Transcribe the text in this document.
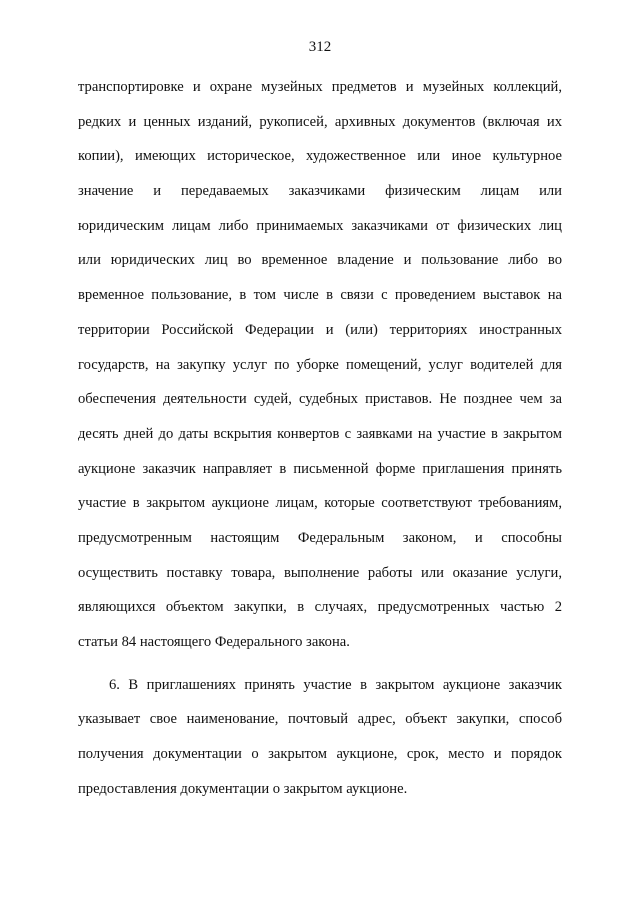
312
транспортировке и охране музейных предметов и музейных коллекций,
редких и ценных изданий, рукописей, архивных документов (включая их
копии), имеющих историческое, художественное или иное культурное
значение и передаваемых заказчиками физическим лицам или
юридическим лицам либо принимаемых заказчиками от физических лиц
или юридических лиц во временное владение и пользование либо во
временное пользование, в том числе в связи с проведением выставок на
территории Российской Федерации и (или) территориях иностранных
государств, на закупку услуг по уборке помещений, услуг водителей для
обеспечения деятельности судей, судебных приставов. Не позднее чем за
десять дней до даты вскрытия конвертов с заявками на участие в закрытом
аукционе заказчик направляет в письменной форме приглашения принять
участие в закрытом аукционе лицам, которые соответствуют требованиям,
предусмотренным настоящим Федеральным законом, и способны
осуществить поставку товара, выполнение работы или оказание услуги,
являющихся объектом закупки, в случаях, предусмотренных частью 2
статьи 84 настоящего Федерального закона.
6. В приглашениях принять участие в закрытом аукционе заказчик
указывает свое наименование, почтовый адрес, объект закупки, способ
получения документации о закрытом аукционе, срок, место и порядок
предоставления документации о закрытом аукционе.
